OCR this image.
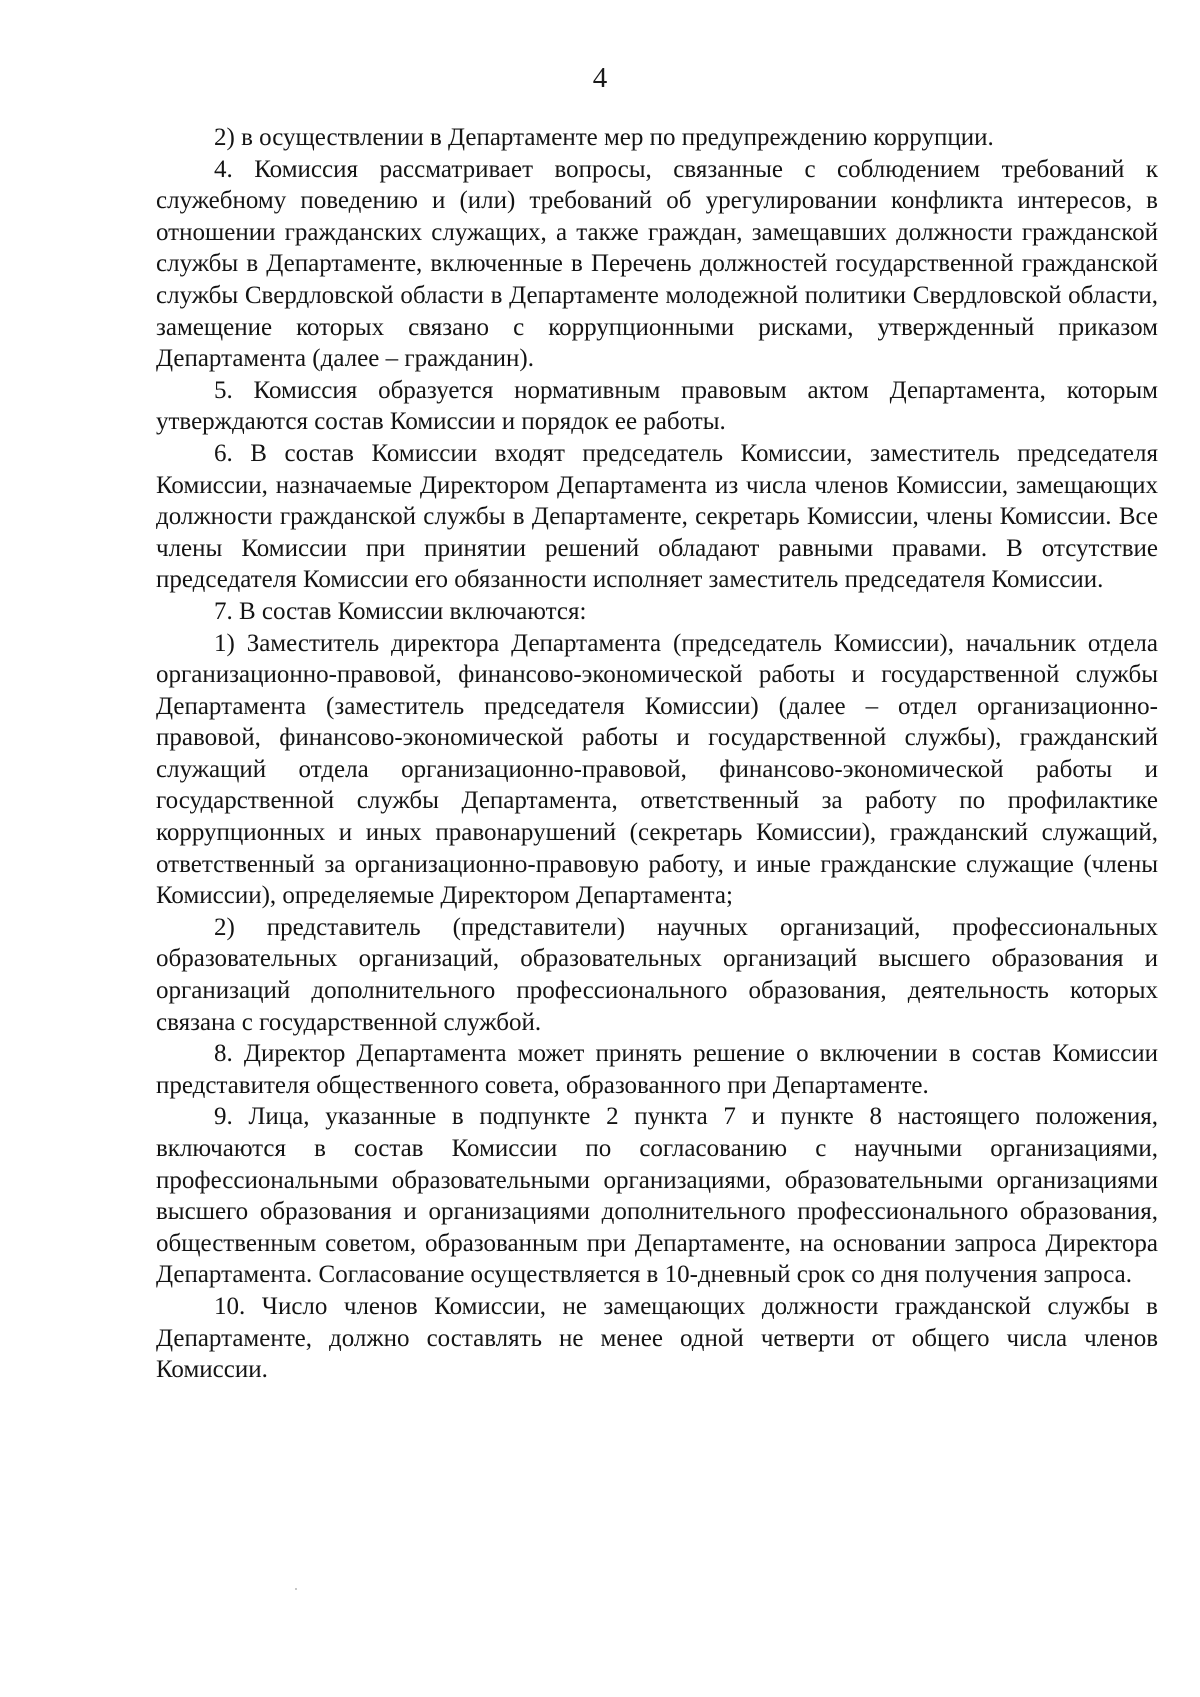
4

2) в осуществлении в Департаменте мер по предупреждению коррупции.

4. Комиссия рассматривает вопросы, связанные с соблюдением требований к служебному поведению и (или) требований об урегулировании конфликта интересов, в отношении гражданских служащих, а также граждан, замещавших должности гражданской службы в Департаменте, включенные в Перечень должностей государственной гражданской службы Свердловской области в Департаменте молодежной политики Свердловской области, замещение которых связано с коррупционными рисками, утвержденный приказом Департамента (далее – гражданин).

5. Комиссия образуется нормативным правовым актом Департамента, которым утверждаются состав Комиссии и порядок ее работы.

6. В состав Комиссии входят председатель Комиссии, заместитель председателя Комиссии, назначаемые Директором Департамента из числа членов Комиссии, замещающих должности гражданской службы в Департаменте, секретарь Комиссии, члены Комиссии. Все члены Комиссии при принятии решений обладают равными правами. В отсутствие председателя Комиссии его обязанности исполняет заместитель председателя Комиссии.

7. В состав Комиссии включаются:

1) Заместитель директора Департамента (председатель Комиссии), начальник отдела организационно-правовой, финансово-экономической работы и государственной службы Департамента (заместитель председателя Комиссии) (далее – отдел организационно-правовой, финансово-экономической работы и государственной службы), гражданский служащий отдела организационно-правовой, финансово-экономической работы и государственной службы Департамента, ответственный за работу по профилактике коррупционных и иных правонарушений (секретарь Комиссии), гражданский служащий, ответственный за организационно-правовую работу, и иные гражданские служащие (члены Комиссии), определяемые Директором Департамента;

2) представитель (представители) научных организаций, профессиональных образовательных организаций, образовательных организаций высшего образования и организаций дополнительного профессионального образования, деятельность которых связана с государственной службой.

8. Директор Департамента может принять решение о включении в состав Комиссии представителя общественного совета, образованного при Департаменте.

9. Лица, указанные в подпункте 2 пункта 7 и пункте 8 настоящего положения, включаются в состав Комиссии по согласованию с научными организациями, профессиональными образовательными организациями, образовательными организациями высшего образования и организациями дополнительного профессионального образования, общественным советом, образованным при Департаменте, на основании запроса Директора Департамента. Согласование осуществляется в 10-дневный срок со дня получения запроса.

10. Число членов Комиссии, не замещающих должности гражданской службы в Департаменте, должно составлять не менее одной четверти от общего числа членов Комиссии.
